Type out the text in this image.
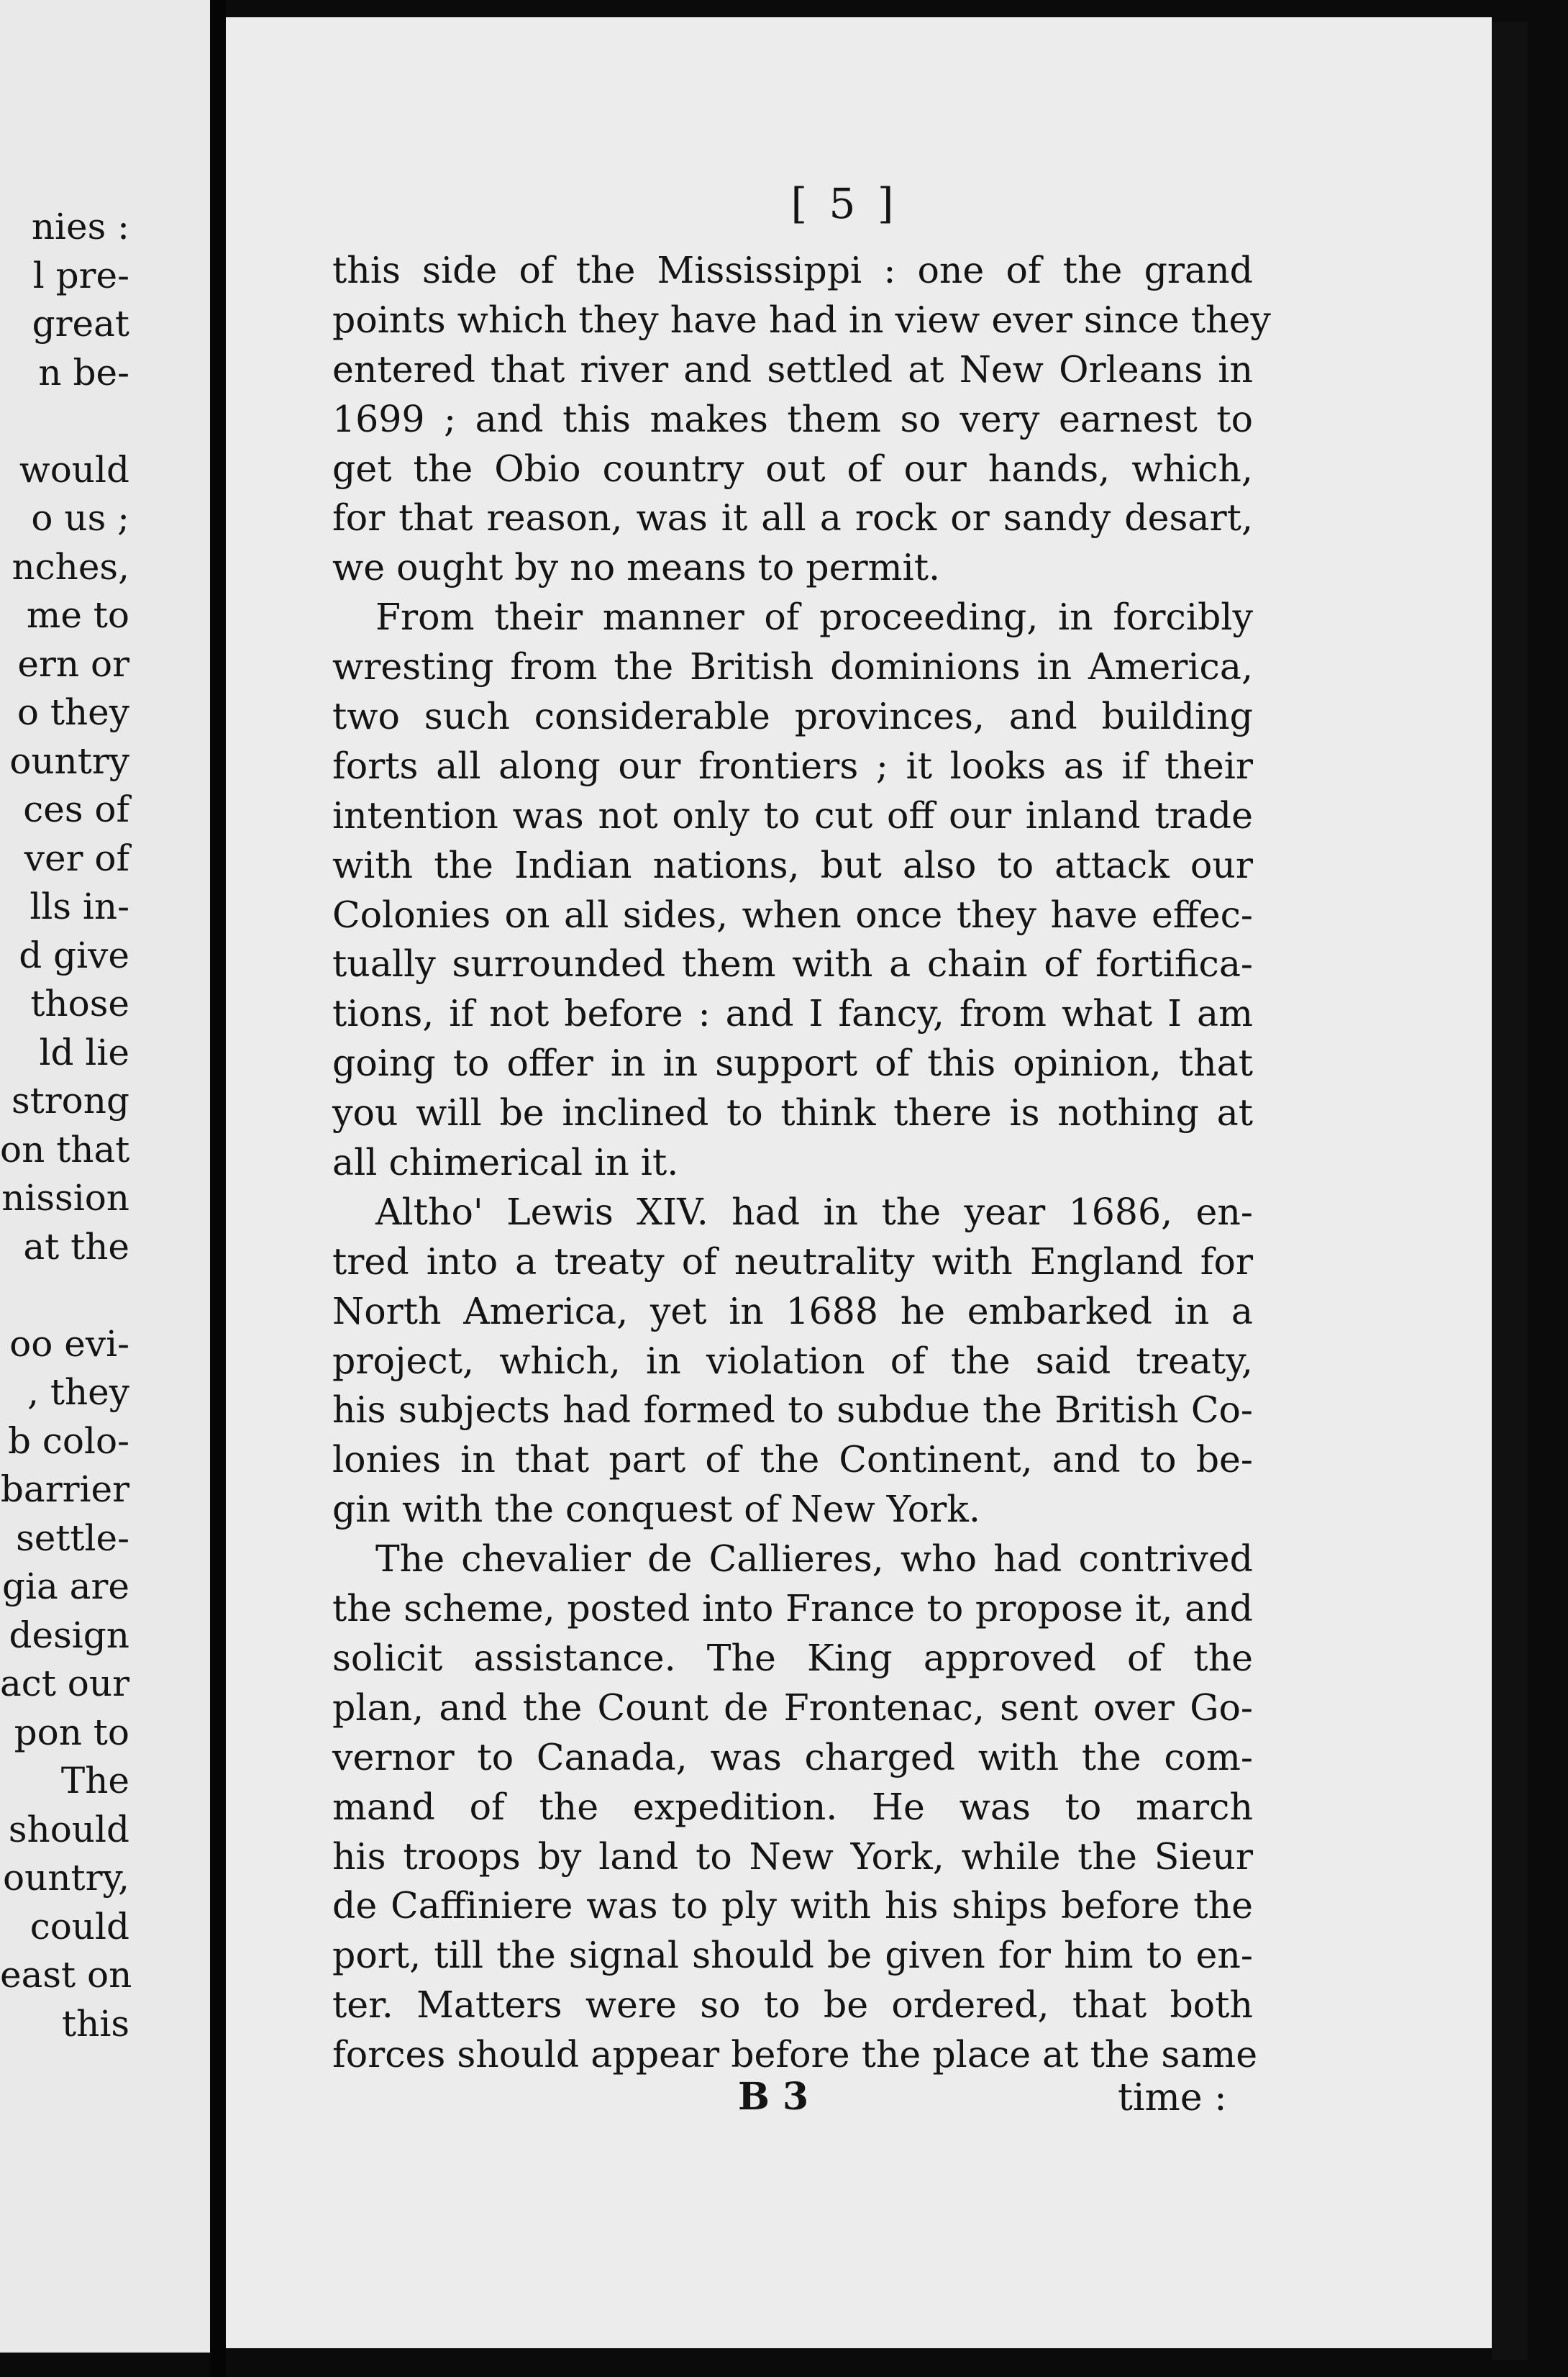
nies :
l pre-
great
n be-
would
o us ;
nches,
me to
ern or
o they
ountry
ces of
ver of
lls in-
d give
those
ld lie
strong
on that
nission
at the
oo evi-
, they
b colo-
barrier
settle-
gia are
design
act our
pon to
The
should
ountry,
could
east on
this
[ 5 ]
this side of the Mississippi : one of the grand
points which they have had in view ever since they
entered that river and settled at New Orleans in
1699 ; and this makes them so very earnest to
get the Obio country out of our hands, which,
for that reason, was it all a rock or sandy desart,
we ought by no means to permit.
From their manner of proceeding, in forcibly
wresting from the British dominions in America,
two such considerable provinces, and building
forts all along our frontiers ; it looks as if their
intention was not only to cut off our inland trade
with the Indian nations, but also to attack our
Colonies on all sides, when once they have effec-
tually surrounded them with a chain of fortifica-
tions, if not before : and I fancy, from what I am
going to offer in in support of this opinion, that
you will be inclined to think there is nothing at
all chimerical in it.
Altho' Lewis XIV. had in the year 1686, en-
tred into a treaty of neutrality with England for
North America, yet in 1688 he embarked in a
project, which, in violation of the said treaty,
his subjects had formed to subdue the British Co-
lonies in that part of the Continent, and to be-
gin with the conquest of New York.
The chevalier de Callieres, who had contrived
the scheme, posted into France to propose it, and
solicit assistance. The King approved of the
plan, and the Count de Frontenac, sent over Go-
vernor to Canada, was charged with the com-
mand of the expedition. He was to march
his troops by land to New York, while the Sieur
de Caffiniere was to ply with his ships before the
port, till the signal should be given for him to en-
ter. Matters were so to be ordered, that both
forces should appear before the place at the same
B 3	time :
